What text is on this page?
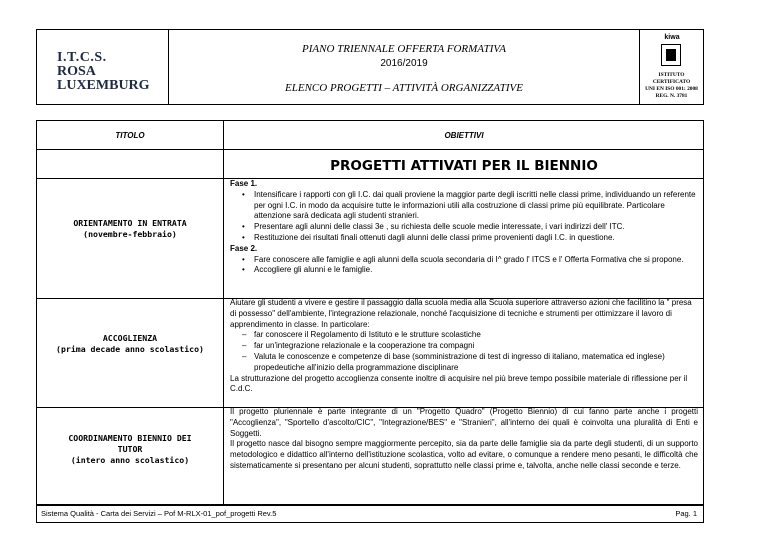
I.T.C.S.
ROSA
LUXEMBURG
PIANO TRIENNALE OFFERTA FORMATIVA
2016/2019
ELENCO PROGETTI – ATTIVITÀ ORGANIZZATIVE
kiwa
ISTITUTO
CERTIFICATO
UNI EN ISO 001: 2008
REG. N. 3781
TITOLO	OBIETTIVI
PROGETTI ATTIVATI PER IL BIENNIO
ORIENTAMENTO IN ENTRATA
(novembre-febbraio)

Fase 1.

• Intensificare i rapporti con gli I.C. dai quali proviene la maggior parte degli iscritti nelle classi prime, individuando un referente per ogni I.C. in modo da acquisire tutte le informazioni utili alla costruzione di classi prime più equilibrate. Particolare attenzione sarà dedicata agli studenti stranieri.

• Presentare agli alunni delle classi 3e , su richiesta delle scuole medie interessate, i vari indirizzi dell' ITC.

• Restituzione dei risultati finali ottenuti dagli alunni delle classi prime provenienti dagli I.C. in questione.

Fase 2.

• Fare conoscere alle famiglie e agli alunni della scuola secondaria di I^ grado l' ITCS e l' Offerta Formativa che si propone.

• Accogliere gli alunni e le famiglie.

ACCOGLIENZA
(prima decade anno scolastico)

Aiutare gli studenti a vivere e gestire il passaggio dalla scuola media alla Scuola superiore attraverso azioni che facilitino la " presa di possesso" dell'ambiente, l'integrazione relazionale, nonché l'acquisizione di tecniche e strumenti per ottimizzare il lavoro di apprendimento in classe. In particolare:

– far conoscere il Regolamento di Istituto e le strutture scolastiche

– far un'integrazione relazionale e la cooperazione tra compagni

– Valuta le conoscenze e competenze di base (somministrazione di test di ingresso di italiano, matematica ed inglese) propedeutiche all'inizio della programmazione disciplinare

La strutturazione del progetto accoglienza consente inoltre di acquisire nel più breve tempo possibile materiale di riflessione per il C.d.C.

COORDINAMENTO BIENNIO DEI
TUTOR
(intero anno scolastico)

Il progetto pluriennale è parte integrante di un "Progetto Quadro" (Progetto Biennio) di cui fanno parte anche i progetti "Accoglienza", "Sportello d'ascolto/CIC", "Integrazione/BES" e "Stranieri", all'interno dei quali è coinvolta una pluralità di Enti e Soggetti.

Il progetto nasce dal bisogno sempre maggiormente percepito, sia da parte delle famiglie sia da parte degli studenti, di un supporto metodologico e didattico all'interno dell'istituzione scolastica, volto ad evitare, o comunque a rendere meno pesanti, le difficoltà che sistematicamente si presentano per alcuni studenti, soprattutto nelle classi prime e, talvolta, anche nelle classi seconde e terze.

Sistema Qualità - Carta dei Servizi – Pof M-RLX-01_pof_progetti Rev.5	Pag. 1
